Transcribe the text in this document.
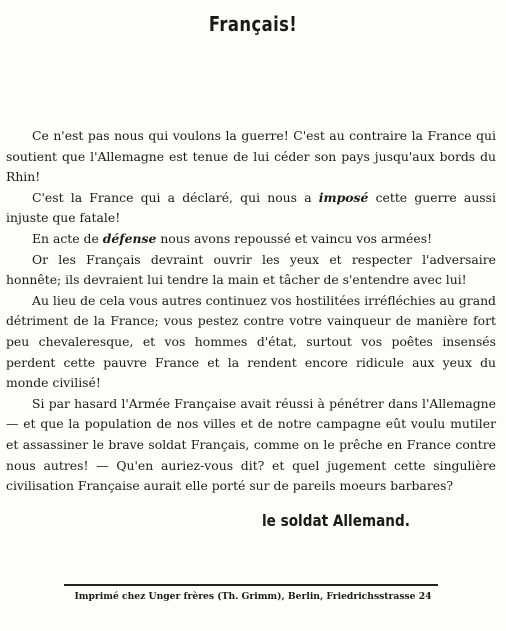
Français!

Ce n'est pas nous qui voulons la guerre! C'est au contraire la France qui soutient que l'Allemagne est tenue de lui céder son pays jusqu'aux bords du Rhin!

C'est la France qui a déclaré, qui nous a imposé cette guerre aussi injuste que fatale!

En acte de défense nous avons repoussé et vaincu vos armées!

Or les Français devraint ouvrir les yeux et respecter l'adversaire honnête; ils devraient lui tendre la main et tâcher de s'entendre avec lui!

Au lieu de cela vous autres continuez vos hostilitées irréfléchies au grand détriment de la France; vous pestez contre votre vainqueur de manière fort peu chevaleresque, et vos hommes d'état, surtout vos poêtes insensés perdent cette pauvre France et la rendent encore ridicule aux yeux du monde civilisé!

Si par hasard l'Armée Française avait réussi à pénétrer dans l'Allemagne — et que la population de nos villes et de notre campagne eût voulu mutiler et assassiner le brave soldat Français, comme on le prêche en France contre nous autres! — Qu'en auriez-vous dit? et quel jugement cette singulière civilisation Française aurait elle porté sur de pareils moeurs barbares?

le soldat Allemand.
Imprimé chez Unger frères (Th. Grimm), Berlin, Friedrichsstrasse 24
